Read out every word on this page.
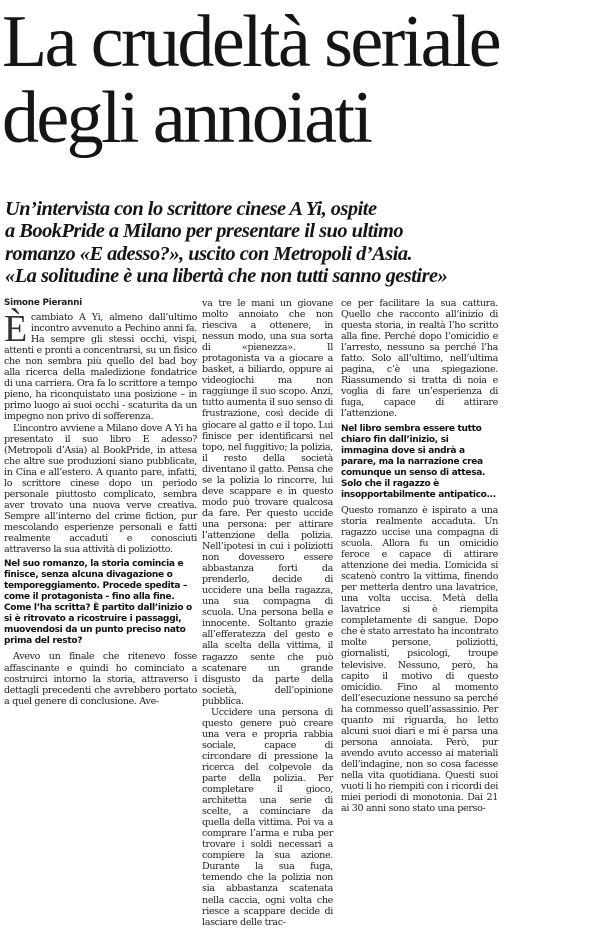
La crudeltà seriale
degli annoiati
Un’intervista con lo scrittore cinese A Yi, ospite
a BookPride a Milano per presentare il suo ultimo
romanzo «E adesso?», uscito con Metropoli d’Asia.
«La solitudine è una libertà che non tutti sanno gestire»

Simone Pieranni

È cambiato A Yi, almeno dall’ultimo incontro avvenuto a Pechino anni fa. Ha sempre gli stessi occhi, vispi, attenti e pronti a concentrarsi, su un fisico che non sembra più quello del bad boy alla ricerca della maledizione fondatrice di una carriera. Ora fa lo scrittore a tempo pieno, ha riconquistato una posizione – in primo luogo ai suoi occhi - scaturita da un impegno non privo di sofferenza.

L’incontro avviene a Milano dove A Yi ha presentato il suo libro E adesso? (Metropoli d’Asia) al BookPride, in attesa che altre sue produzioni siano pubblicate, in Cina e all’estero. A quanto pare, infatti, lo scrittore cinese dopo un periodo personale piuttosto complicato, sembra aver trovato una nuova verve creativa. Sempre all’interno del crime fiction, pur mescolando esperienze personali e fatti realmente accaduti e conosciuti attraverso la sua attività di poliziotto.

Nel suo romanzo, la storia comincia e finisce, senza alcuna divagazione o temporeggiamento. Procede spedita – come il protagonista - fino alla fine. Come l’ha scritta? È partito dall’inizio o si è ritrovato a ricostruire i passaggi, muovendosi da un punto preciso nato prima del resto?

Avevo un finale che ritenevo fosse affascinante e quindi ho cominciato a costruirci intorno la storia, attraverso i dettagli precedenti che avrebbero portato a quel genere di conclusione. Ave-

va tre le mani un giovane molto annoiato che non riesciva a ottenere, in nessun modo, una sua sorta di «pienezza». Il protagonista va a giocare a basket, a biliardo, oppure ai videogiochi ma non raggiunge il suo scopo. Anzi, tutto aumenta il suo senso di frustrazione, così decide di giocare al gatto e il topo. Lui finisce per identificarsi nel topo, nel fuggitivo; la polizia, il resto della società diventano il gatto. Pensa che se la polizia lo rincorre, lui deve scappare e in questo modo può trovare qualcosa da fare. Per questo uccide una persona: per attirare l’attenzione della polizia. Nell’ipotesi in cui i poliziotti non dovessero essere abbastanza forti da prenderlo, decide di uccidere una bella ragazza, una sua compagna di scuola. Una persona bella e innocente. Soltanto grazie all’efferatezza del gesto e alla scelta della vittima, il ragazzo sente che può scatenare un grande disgusto da parte della società, dell’opinione pubblica.

Uccidere una persona di questo genere può creare una vera e propria rabbia sociale, capace di circondare di pressione la ricerca del colpevole da parte della polizia. Per completare il gioco, architetta una serie di scelte, a cominciare da quella della vittima. Poi va a comprare l’arma e ruba per trovare i soldi necessari a compiere la sua azione. Durante la sua fuga, temendo che la polizia non sia abbastanza scatenata nella caccia, ogni volta che riesce a scappare decide di lasciare delle trac-

ce per facilitare la sua cattura. Quello che racconto all’inizio di questa storia, in realtà l’ho scritto alla fine. Perché dopo l’omicidio e l’arresto, nessuno sa perché l’ha fatto. Solo all’ultimo, nell’ultima pagina, c’è una spiegazione. Riassumendo si tratta di noia e voglia di fare un’esperienza di fuga, capace di attirare l’attenzione.

Nel libro sembra essere tutto chiaro fin dall’inizio, si immagina dove si andrà a parare, ma la narrazione crea comunque un senso di attesa. Solo che il ragazzo è insopportabilmente antipatico...

Questo romanzo è ispirato a una storia realmente accaduta. Un ragazzo uccise una compagna di scuola. Allora fu un omicidio feroce e capace di attirare attenzione dei media. L’omicida si scatenò contro la vittima, finendo per metterla dentro una lavatrice, una volta uccisa. Metà della lavatrice si è riempita completamente di sangue. Dopo che è stato arrestato ha incontrato molte persone, poliziotti, giornalisti, psicologi, troupe televisive. Nessuno, però, ha capito il motivo di questo omicidio. Fino al momento dell’esecuzione nessuno sa perché ha commesso quell’assassinio. Per quanto mi riguarda, ho letto alcuni suoi diari e mi è parsa una persona annoiata. Però, pur avendo avuto accesso ai materiali dell’indagine, non so cosa facesse nella vita quotidiana. Questi suoi vuoti li ho riempiti con i ricordi dei miei periodi di monotonia. Dai 21 ai 30 anni sono stato una perso-
